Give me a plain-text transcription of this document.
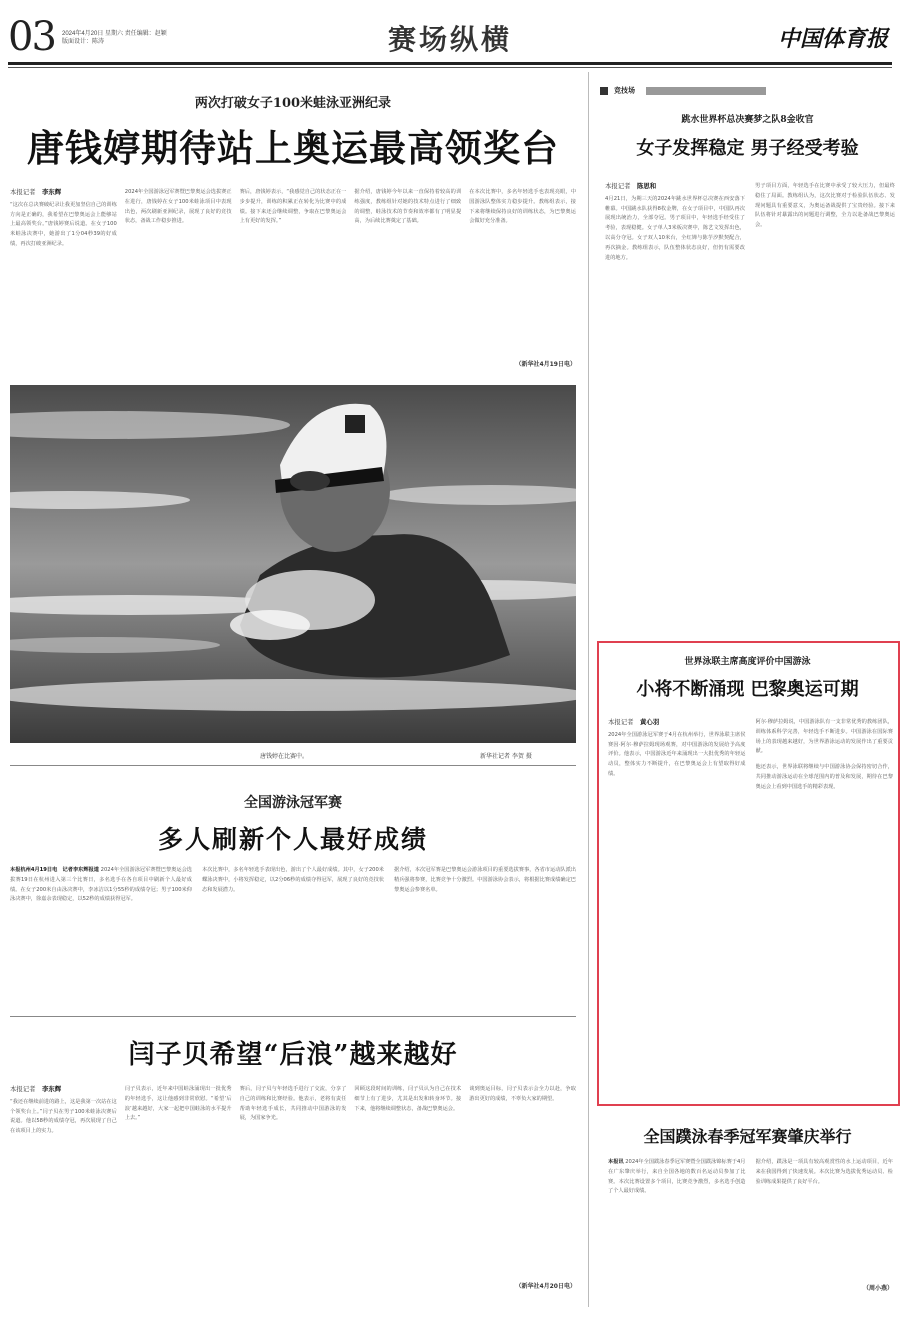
03 2024年4月20日 星期六 责任编辑：赵颖 版面设计：陈涛	赛场纵横	中国体育报
两次打破女子100米蛙泳亚洲纪录
唐钱婷期待站上奥运最高领奖台
本报记者　 李东辉
“这次在总决赛破纪录让我更加坚信自己的训练方向是正确的，我希望在巴黎奥运会上能够站上最高领奖台。”唐钱婷赛后说道。在女子100米蛙泳决赛中，她游出了1分04秒39的好成绩，再次打破亚洲纪录。
2024年全国游泳冠军赛暨巴黎奥运会选拔赛正在进行，唐钱婷在女子100米蛙泳项目中表现出色，两次刷新亚洲纪录，展现了良好的竞技状态，备战工作稳步推进。
赛后，唐钱婷表示，“我感觉自己的状态正在一步步提升，训练的积累正在转化为比赛中的成绩。接下来还会继续调整，争取在巴黎奥运会上有更好的发挥。”
据介绍，唐钱婷今年以来一直保持着较高的训练强度，教练组针对她的技术特点进行了细致的调整，蛙泳技术的节奏和效率都有了明显提高，为后续比赛奠定了基础。
在本次比赛中，多名年轻选手也表现亮眼，中国游泳队整体实力稳步提升。教练组表示，接下来将继续保持良好的训练状态，为巴黎奥运会做好充分准备。
（新华社4月19日电）
唐钱婷在比赛中。	新华社记者 李贺 摄
全国游泳冠军赛
多人刷新个人最好成绩
本报杭州4月19日电　 记者李东辉报道 2024年全国游泳冠军赛暨巴黎奥运会选拔赛19日在杭州进入第三个比赛日，多名选手在各自项目中刷新个人最好成绩。在女子200米自由泳决赛中，李冰洁以1分55秒的成绩夺冠；男子100米仰泳决赛中，徐嘉余表现稳定，以52秒的成绩获得冠军。
本次比赛中，多名年轻选手表现出色，游出了个人最好成绩。其中，女子200米蝶泳决赛中，小将发挥稳定，以2分06秒的成绩夺得冠军，展现了良好的竞技状态和发展潜力。
据介绍，本次冠军赛是巴黎奥运会游泳项目的重要选拔赛事，各省市运动队派出精兵强将参赛，比赛竞争十分激烈。中国游泳协会表示，将根据比赛成绩确定巴黎奥运会参赛名单。
闫子贝希望“后浪”越来越好
本报记者　 李东辉
“我还在继续前进的路上，这是我第一次站在这个领奖台上。”闫子贝在男子100米蛙泳决赛后说道。他以58秒的成绩夺冠，再次展现了自己在该项目上的实力。
闫子贝表示，近年来中国蛙泳涌现出一批优秀的年轻选手，这让他感到非常欣慰。“希望‘后浪’越来越好，大家一起把中国蛙泳的水平提升上去。”
赛后，闫子贝与年轻选手进行了交流，分享了自己的训练和比赛经验。他表示，老将有责任帮助年轻选手成长，共同推动中国游泳的发展，为国家争光。
回顾这段时间的训练，闫子贝认为自己在技术细节上有了进步，尤其是出发和转身环节。接下来，他将继续调整状态，备战巴黎奥运会。
谈到奥运目标，闫子贝表示会全力以赴，争取游出更好的成绩，不辜负大家的期望。
（新华社4月20日电）
竞技场
跳水世界杯总决赛梦之队8金收官
女子发挥稳定 男子经受考验
本报记者　 陈思和
4月21日，为期三天的2024年跳水世界杯总决赛在西安落下帷幕。中国跳水队获得8枚金牌，在女子项目中，中国队再次展现出统治力，全部夺冠。男子项目中，年轻选手经受住了考验，表现稳健。女子单人3米板决赛中，陈艺文发挥出色，以高分夺冠。女子双人10米台，全红婵与陈芋汐默契配合，再次摘金。教练组表示，队伍整体状态良好，但仍有需要改进的地方。
男子项目方面，年轻选手在比赛中承受了较大压力，但最终稳住了局面。教练组认为，这次比赛对于检验队伍状态、发现问题具有重要意义，为奥运备战提供了宝贵经验。接下来队伍将针对暴露出的问题进行调整，全力以赴备战巴黎奥运会。
世界泳联主席高度评价中国游泳
小将不断涌现 巴黎奥运可期
本报记者　 黄心羽
2024年全国游泳冠军赛于4月在杭州举行，世界泳联主席侯赛因·阿尔·穆萨拉姆现场观赛，对中国游泳的发展给予高度评价。他表示，中国游泳近年来涌现出一大批优秀的年轻运动员，整体实力不断提升，在巴黎奥运会上有望取得好成绩。
阿尔·穆萨拉姆说，中国游泳队有一支非常优秀的教练团队，训练体系科学完善，年轻选手不断进步。中国游泳在国际赛场上的表现越来越好，为世界游泳运动的发展作出了重要贡献。
他还表示，世界泳联将继续与中国游泳协会保持密切合作，共同推动游泳运动在全球范围内的普及和发展，期待在巴黎奥运会上看到中国选手的精彩表现。
全国蹼泳春季冠军赛肇庆举行
本报讯 2024年全国蹼泳春季冠军赛暨全国蹼泳锦标赛于4月在广东肇庆举行，来自全国各地的数百名运动员参加了比赛。本次比赛设置多个项目，比赛竞争激烈，多名选手创造了个人最好成绩。
据介绍，蹼泳是一项具有较高观赏性的水上运动项目，近年来在我国得到了快速发展。本次比赛为选拔优秀运动员、检验训练成果提供了良好平台。
（周小燕）
